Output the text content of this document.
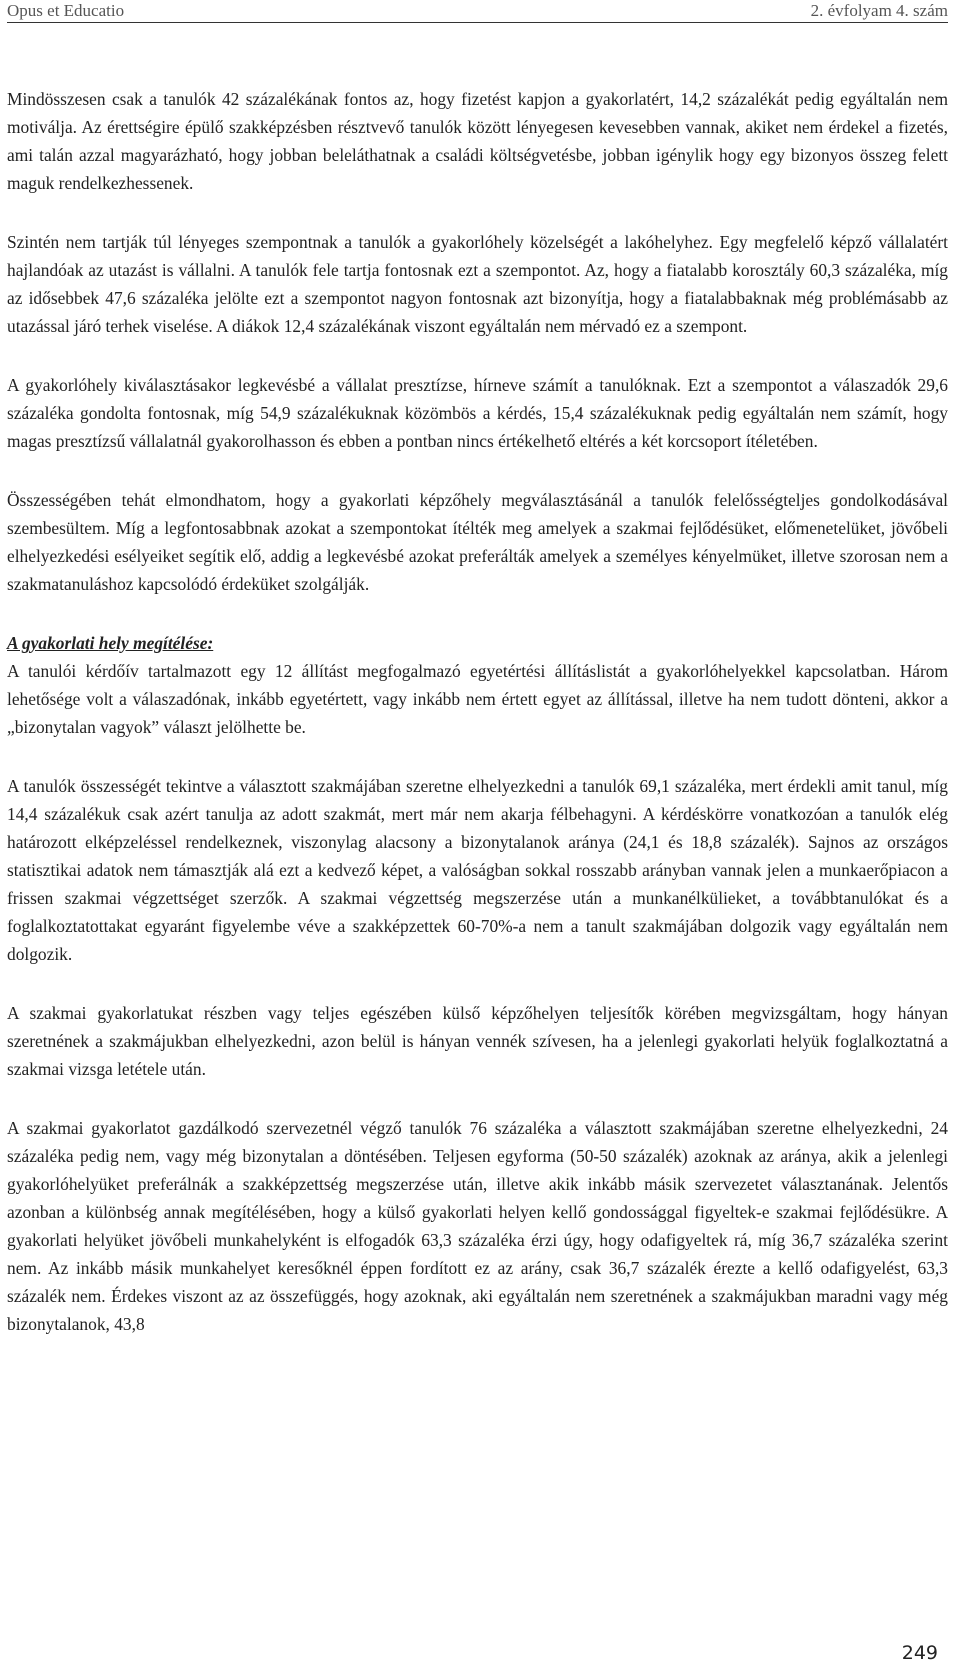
Opus et Educatio	2. évfolyam 4. szám

Mindösszesen csak a tanulók 42 százalékának fontos az, hogy fizetést kapjon a gyakorlatért, 14,2 százalékát pedig egyáltalán nem motiválja. Az érettségire épülő szakképzésben résztvevő tanulók között lényegesen kevesebben vannak, akiket nem érdekel a fizetés, ami talán azzal magyarázható, hogy jobban beleláthatnak a családi költségvetésbe, jobban igénylik hogy egy bizonyos összeg felett maguk rendelkezhessenek.

Szintén nem tartják túl lényeges szempontnak a tanulók a gyakorlóhely közelségét a lakóhelyhez. Egy megfelelő képző vállalatért hajlandóak az utazást is vállalni. A tanulók fele tartja fontosnak ezt a szempontot. Az, hogy a fiatalabb korosztály 60,3 százaléka, míg az idősebbek 47,6 százaléka jelölte ezt a szempontot nagyon fontosnak azt bizonyítja, hogy a fiatalabbaknak még problémásabb az utazással járó terhek viselése. A diákok 12,4 százalékának viszont egyáltalán nem mérvadó ez a szempont.

A gyakorlóhely kiválasztásakor legkevésbé a vállalat presztízse, hírneve számít a tanulóknak. Ezt a szempontot a válaszadók 29,6 százaléka gondolta fontosnak, míg 54,9 százalékuknak közömbös a kérdés, 15,4 százalékuknak pedig egyáltalán nem számít, hogy magas presztízsű vállalatnál gyakorolhasson és ebben a pontban nincs értékelhető eltérés a két korcsoport ítéletében.

Összességében tehát elmondhatom, hogy a gyakorlati képzőhely megválasztásánál a tanulók felelősségteljes gondolkodásával szembesültem. Míg a legfontosabbnak azokat a szempontokat ítélték meg amelyek a szakmai fejlődésüket, előmenetelüket, jövőbeli elhelyezkedési esélyeiket segítik elő, addig a legkevésbé azokat preferálták amelyek a személyes kényelmüket, illetve szorosan nem a szakmatanuláshoz kapcsolódó érdeküket szolgálják.

A gyakorlati hely megítélése:

A tanulói kérdőív tartalmazott egy 12 állítást megfogalmazó egyetértési állításlistát a gyakorlóhelyekkel kapcsolatban. Három lehetősége volt a válaszadónak, inkább egyetértett, vagy inkább nem értett egyet az állítással, illetve ha nem tudott dönteni, akkor a „bizonytalan vagyok” választ jelölhette be.

A tanulók összességét tekintve a választott szakmájában szeretne elhelyezkedni a tanulók 69,1 százaléka, mert érdekli amit tanul, míg 14,4 százalékuk csak azért tanulja az adott szakmát, mert már nem akarja félbehagyni. A kérdéskörre vonatkozóan a tanulók elég határozott elképzeléssel rendelkeznek, viszonylag alacsony a bizonytalanok aránya (24,1 és 18,8 százalék). Sajnos az országos statisztikai adatok nem támasztják alá ezt a kedvező képet, a valóságban sokkal rosszabb arányban vannak jelen a munkaerőpiacon a frissen szakmai végzettséget szerzők. A szakmai végzettség megszerzése után a munkanélkülieket, a továbbtanulókat és a foglalkoztatottakat egyaránt figyelembe véve a szakképzettek 60-70%-a nem a tanult szakmájában dolgozik vagy egyáltalán nem dolgozik.

A szakmai gyakorlatukat részben vagy teljes egészében külső képzőhelyen teljesítők körében megvizsgáltam, hogy hányan szeretnének a szakmájukban elhelyezkedni, azon belül is hányan vennék szívesen, ha a jelenlegi gyakorlati helyük foglalkoztatná a szakmai vizsga letétele után.

A szakmai gyakorlatot gazdálkodó szervezetnél végző tanulók 76 százaléka a választott szakmájában szeretne elhelyezkedni, 24 százaléka pedig nem, vagy még bizonytalan a döntésében. Teljesen egyforma (50-50 százalék) azoknak az aránya, akik a jelenlegi gyakorlóhelyüket preferálnák a szakképzettség megszerzése után, illetve akik inkább másik szervezetet választanának. Jelentős azonban a különbség annak megítélésében, hogy a külső gyakorlati helyen kellő gondossággal figyeltek-e szakmai fejlődésükre. A gyakorlati helyüket jövőbeli munkahelyként is elfogadók 63,3 százaléka érzi úgy, hogy odafigyeltek rá, míg 36,7 százaléka szerint nem. Az inkább másik munkahelyet keresőknél éppen fordított ez az arány, csak 36,7 százalék érezte a kellő odafigyelést, 63,3 százalék nem. Érdekes viszont az az összefüggés, hogy azoknak, aki egyáltalán nem szeretnének a szakmájukban maradni vagy még bizonytalanok, 43,8

249
